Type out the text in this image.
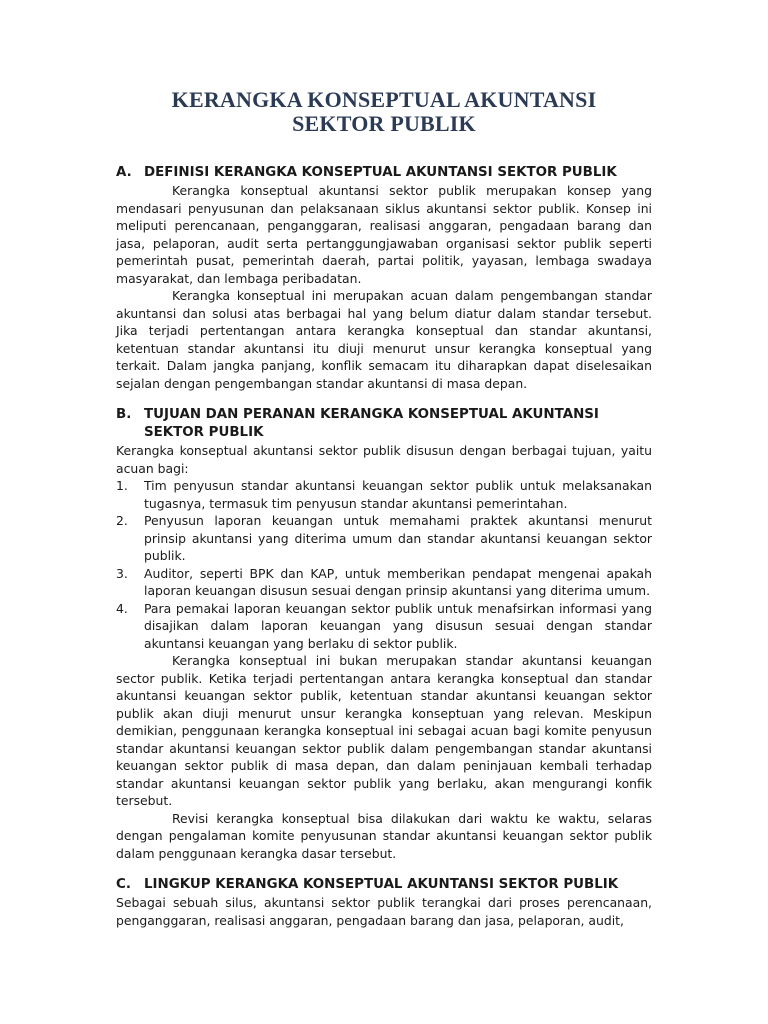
KERANGKA KONSEPTUAL AKUNTANSI
SEKTOR PUBLIK
A. DEFINISI KERANGKA KONSEPTUAL AKUNTANSI SEKTOR PUBLIK

Kerangka konseptual akuntansi sektor publik merupakan konsep yang mendasari penyusunan dan pelaksanaan siklus akuntansi sektor publik. Konsep ini meliputi perencanaan, penganggaran, realisasi anggaran, pengadaan barang dan jasa, pelaporan, audit serta pertanggungjawaban organisasi sektor publik seperti pemerintah pusat, pemerintah daerah, partai politik, yayasan, lembaga swadaya masyarakat, dan lembaga peribadatan.

Kerangka konseptual ini merupakan acuan dalam pengembangan standar akuntansi dan solusi atas berbagai hal yang belum diatur dalam standar tersebut. Jika terjadi pertentangan antara kerangka konseptual dan standar akuntansi, ketentuan standar akuntansi itu diuji menurut unsur kerangka konseptual yang terkait. Dalam jangka panjang, konflik semacam itu diharapkan dapat diselesaikan sejalan dengan pengembangan standar akuntansi di masa depan.

B. TUJUAN DAN PERANAN KERANGKA KONSEPTUAL AKUNTANSI SEKTOR PUBLIK

Kerangka konseptual akuntansi sektor publik disusun dengan berbagai tujuan, yaitu acuan bagi:

1.	Tim penyusun standar akuntansi keuangan sektor publik untuk melaksanakan tugasnya, termasuk tim penyusun standar akuntansi pemerintahan.
2.	Penyusun laporan keuangan untuk memahami praktek akuntansi menurut prinsip akuntansi yang diterima umum dan standar akuntansi keuangan sektor publik.
3.	Auditor, seperti BPK dan KAP, untuk memberikan pendapat mengenai apakah laporan keuangan disusun sesuai dengan prinsip akuntansi yang diterima umum.
4.	Para pemakai laporan keuangan sektor publik untuk menafsirkan informasi yang disajikan dalam laporan keuangan yang disusun sesuai dengan standar akuntansi keuangan yang berlaku di sektor publik.

Kerangka konseptual ini bukan merupakan standar akuntansi keuangan sector publik. Ketika terjadi pertentangan antara kerangka konseptual dan standar akuntansi keuangan sektor publik, ketentuan standar akuntansi keuangan sektor publik akan diuji menurut unsur kerangka konseptuan yang relevan. Meskipun demikian, penggunaan kerangka konseptual ini sebagai acuan bagi komite penyusun standar akuntansi keuangan sektor publik dalam pengembangan standar akuntansi keuangan sektor publik di masa depan, dan dalam peninjauan kembali terhadap standar akuntansi keuangan sektor publik yang berlaku, akan mengurangi konfik tersebut.

Revisi kerangka konseptual bisa dilakukan dari waktu ke waktu, selaras dengan pengalaman komite penyusunan standar akuntansi keuangan sektor publik dalam penggunaan kerangka dasar tersebut.

C. LINGKUP KERANGKA KONSEPTUAL AKUNTANSI SEKTOR PUBLIK

Sebagai sebuah silus, akuntansi sektor publik terangkai dari proses perencanaan, penganggaran, realisasi anggaran, pengadaan barang dan jasa, pelaporan, audit,
